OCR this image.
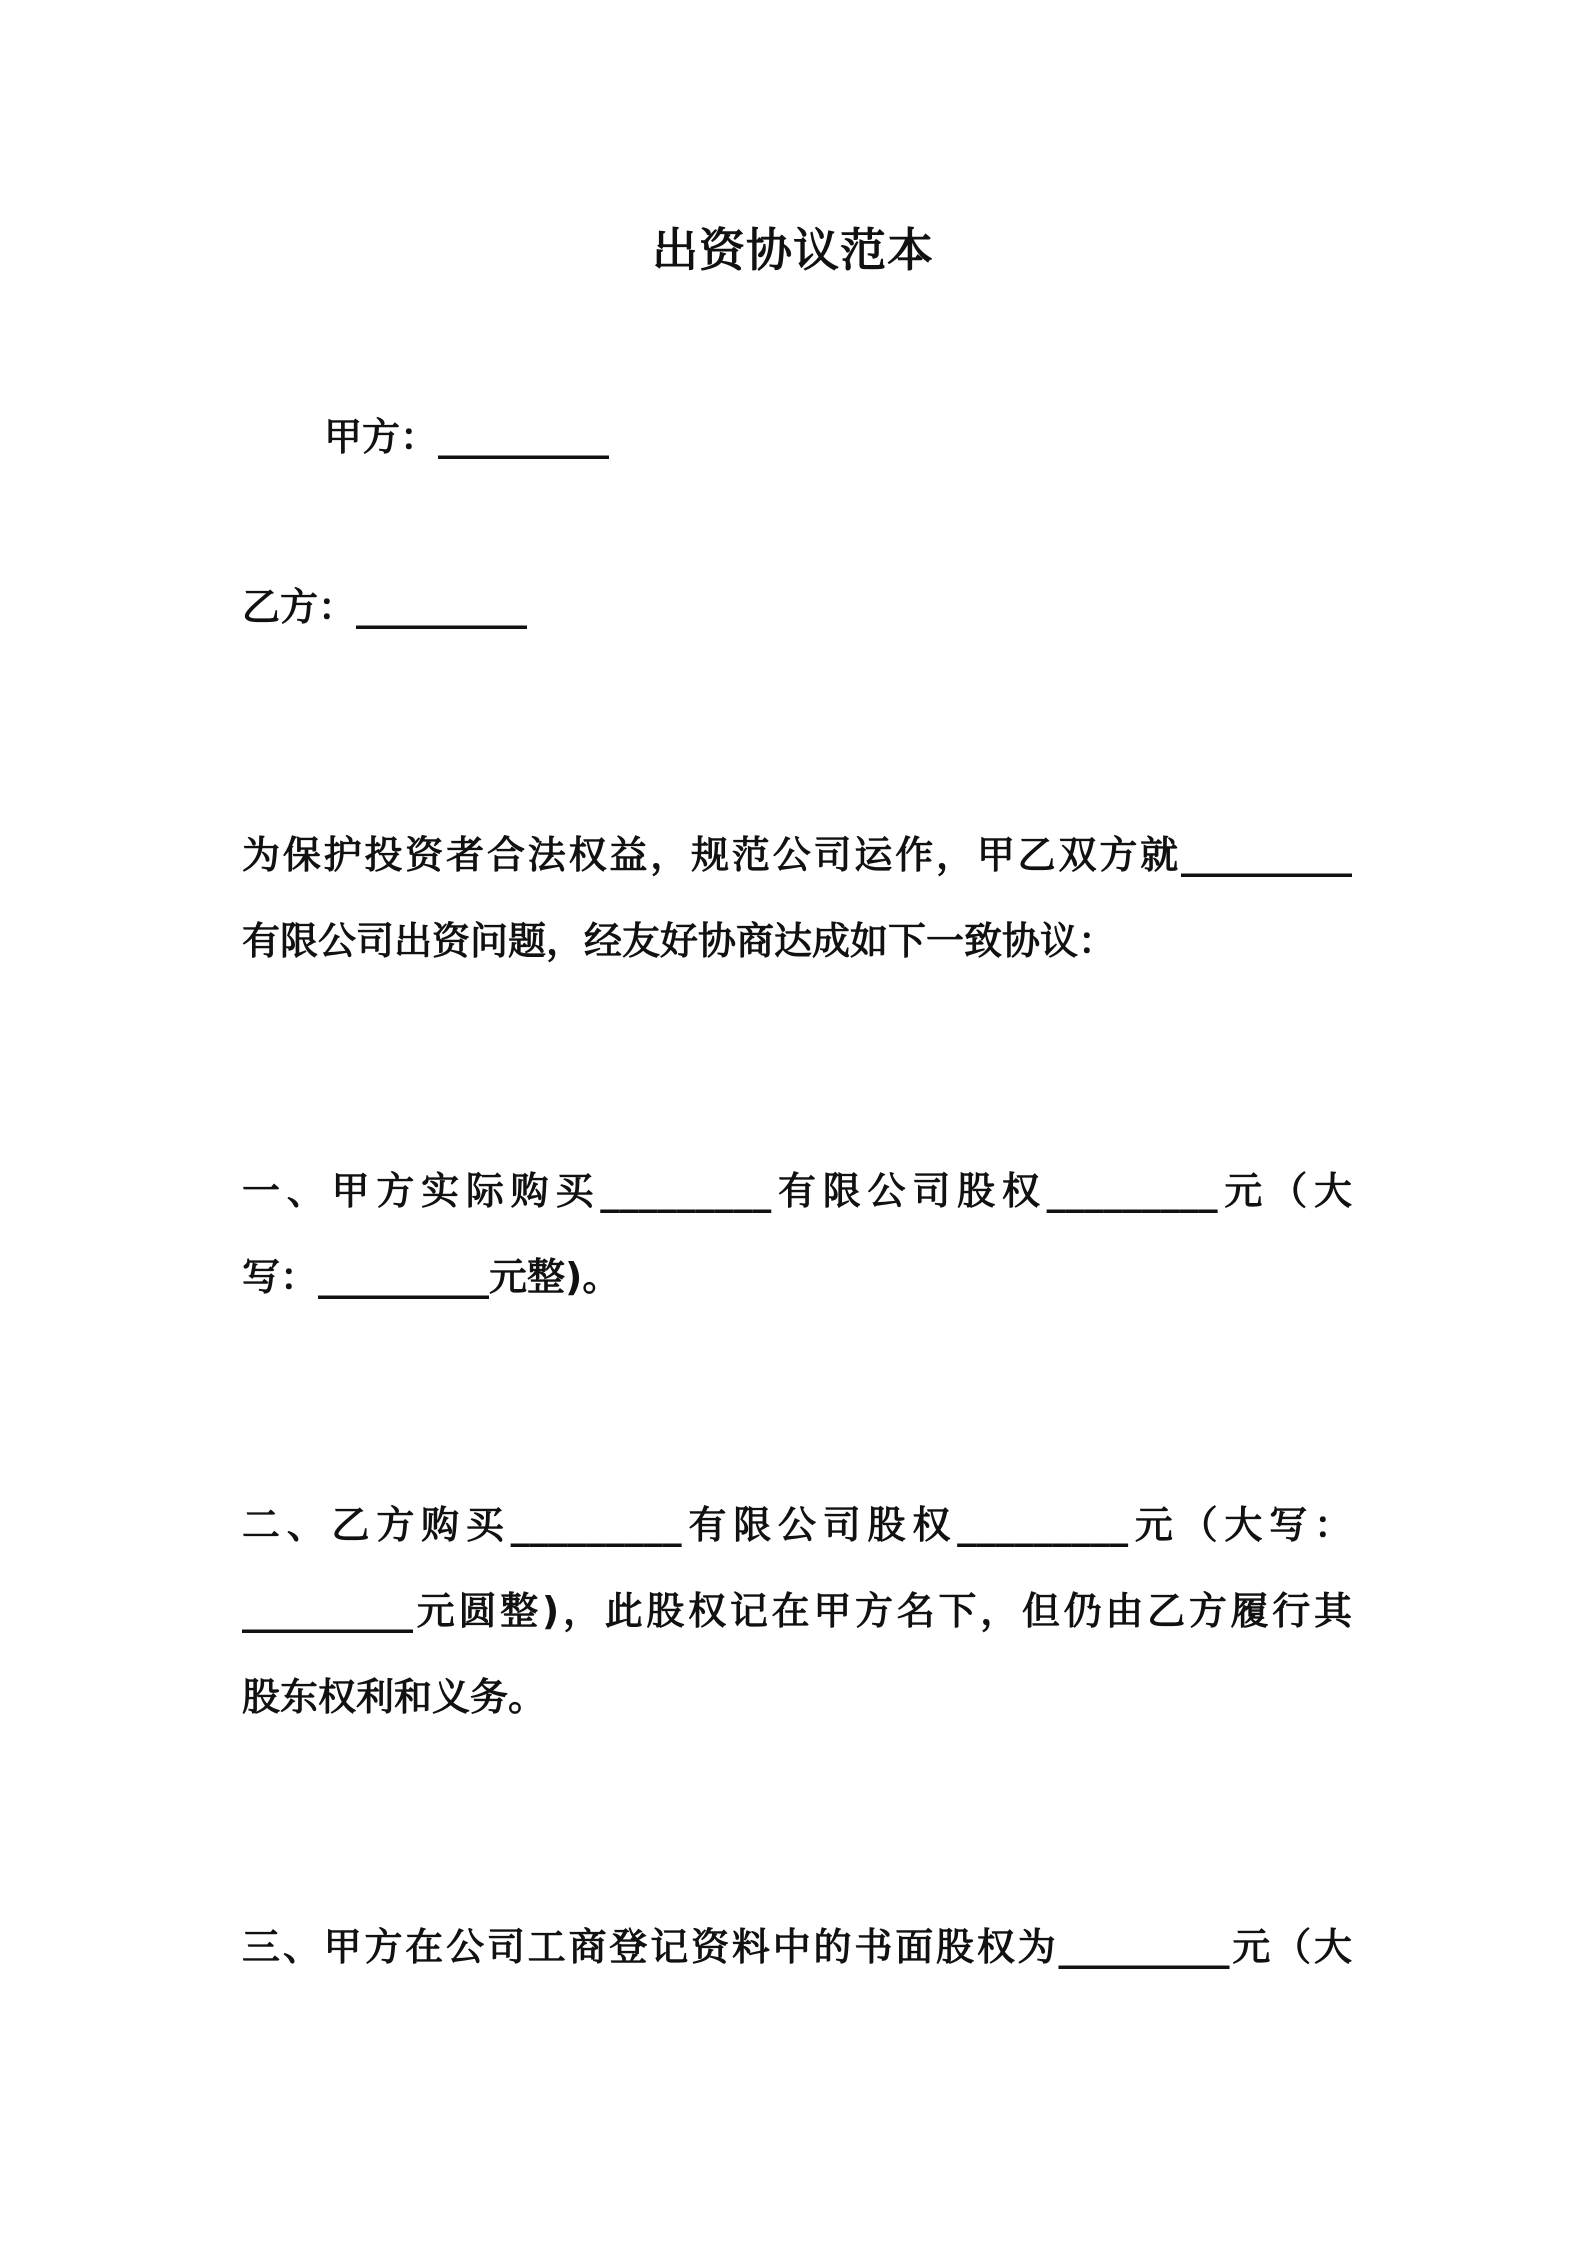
出资协议范本

甲方：_________

乙方：_________

为保护投资者合法权益，规范公司运作，甲乙双方就_________

有限公司出资问题，经友好协商达成如下一致协议：

一、甲方实际购买_________有限公司股权_________元（大

写：_________元整)。

二、乙方购买_________有限公司股权_________元（大写：

_________元圆整)，此股权记在甲方名下，但仍由乙方履行其

股东权利和义务。

三、甲方在公司工商登记资料中的书面股权为_________元（大
